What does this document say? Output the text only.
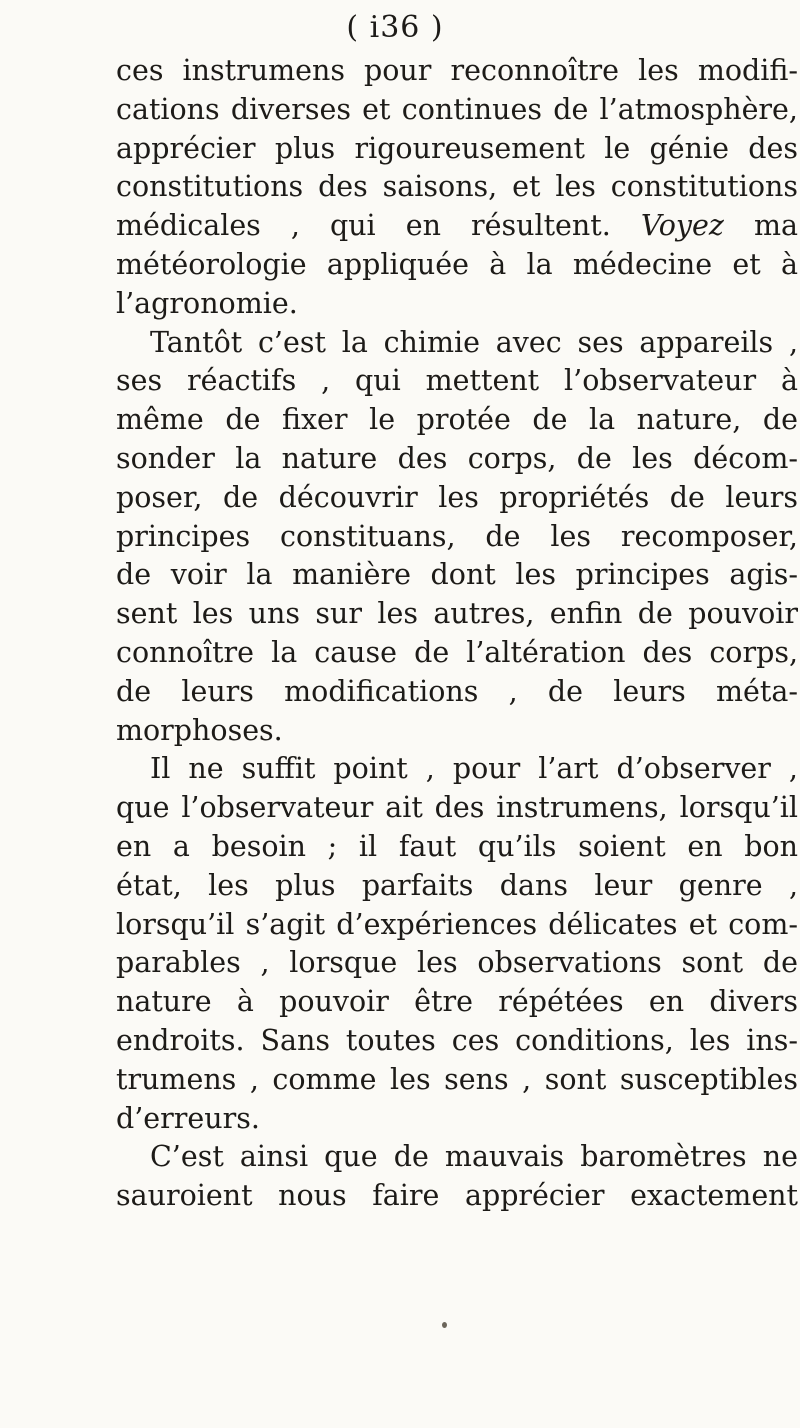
( i36 )
ces instrumens pour reconnoître les modifi-
cations diverses et continues de l’atmosphère,
apprécier plus rigoureusement le génie des
constitutions des saisons, et les constitutions
médicales , qui en résultent. Voyez ma
météorologie appliquée à la médecine et à
l’agronomie.
Tantôt c’est la chimie avec ses appareils ,
ses réactifs , qui mettent l’observateur à
même de fixer le protée de la nature, de
sonder la nature des corps, de les décom-
poser, de découvrir les propriétés de leurs
principes constituans, de les recomposer,
de voir la manière dont les principes agis-
sent les uns sur les autres, enfin de pouvoir
connoître la cause de l’altération des corps,
de leurs modifications , de leurs méta-
morphoses.
Il ne suffit point , pour l’art d’observer ,
que l’observateur ait des instrumens, lorsqu’il
en a besoin ; il faut qu’ils soient en bon
état, les plus parfaits dans leur genre ,
lorsqu’il s’agit d’expériences délicates et com-
parables , lorsque les observations sont de
nature à pouvoir être répétées en divers
endroits. Sans toutes ces conditions, les ins-
trumens , comme les sens , sont susceptibles
d’erreurs.
C’est ainsi que de mauvais baromètres ne
sauroient nous faire apprécier exactement
